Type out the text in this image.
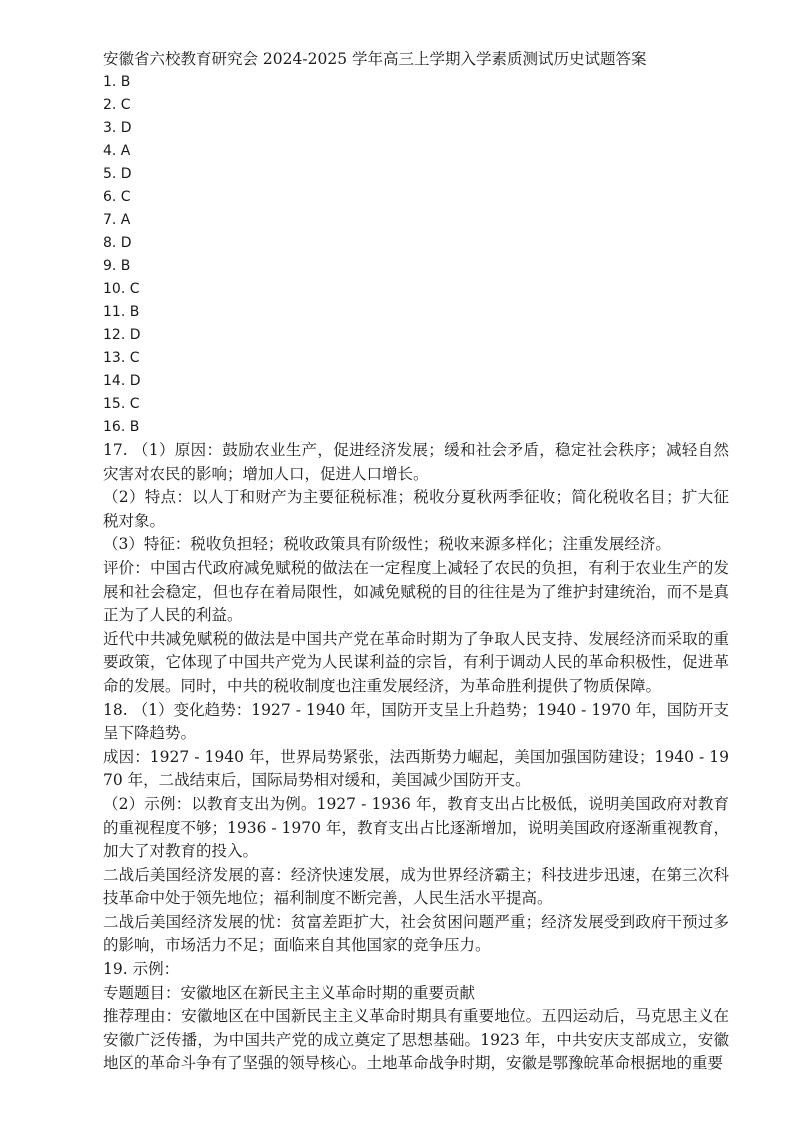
安徽省六校教育研究会 2024-2025 学年高三上学期入学素质测试历史试题答案

1. B
2. C
3. D
4. A
5. D
6. C
7. A
8. D
9. B
10. C
11. B
12. D
13. C
14. D
15. C
16. B

17. （1）原因：鼓励农业生产，促进经济发展；缓和社会矛盾，稳定社会秩序；减轻自然灾害对农民的影响；增加人口，促进人口增长。

（2）特点：以人丁和财产为主要征税标准；税收分夏秋两季征收；简化税收名目；扩大征税对象。

（3）特征：税收负担轻；税收政策具有阶级性；税收来源多样化；注重发展经济。

评价：中国古代政府减免赋税的做法在一定程度上减轻了农民的负担，有利于农业生产的发展和社会稳定，但也存在着局限性，如减免赋税的目的往往是为了维护封建统治，而不是真正为了人民的利益。

近代中共减免赋税的做法是中国共产党在革命时期为了争取人民支持、发展经济而采取的重要政策，它体现了中国共产党为人民谋利益的宗旨，有利于调动人民的革命积极性，促进革命的发展。同时，中共的税收制度也注重发展经济，为革命胜利提供了物质保障。

18. （1）变化趋势：1927 - 1940 年，国防开支呈上升趋势；1940 - 1970 年，国防开支呈下降趋势。

成因：1927 - 1940 年，世界局势紧张，法西斯势力崛起，美国加强国防建设；1940 - 1970 年，二战结束后，国际局势相对缓和，美国减少国防开支。

（2）示例：以教育支出为例。1927 - 1936 年，教育支出占比极低，说明美国政府对教育的重视程度不够；1936 - 1970 年，教育支出占比逐渐增加，说明美国政府逐渐重视教育，加大了对教育的投入。

二战后美国经济发展的喜：经济快速发展，成为世界经济霸主；科技进步迅速，在第三次科技革命中处于领先地位；福利制度不断完善，人民生活水平提高。

二战后美国经济发展的忧：贫富差距扩大，社会贫困问题严重；经济发展受到政府干预过多的影响，市场活力不足；面临来自其他国家的竞争压力。

19. 示例：

专题题目：安徽地区在新民主主义革命时期的重要贡献

推荐理由：安徽地区在中国新民主主义革命时期具有重要地位。五四运动后，马克思主义在安徽广泛传播，为中国共产党的成立奠定了思想基础。1923 年，中共安庆支部成立，安徽地区的革命斗争有了坚强的领导核心。土地革命战争时期，安徽是鄂豫皖革命根据地的重要
